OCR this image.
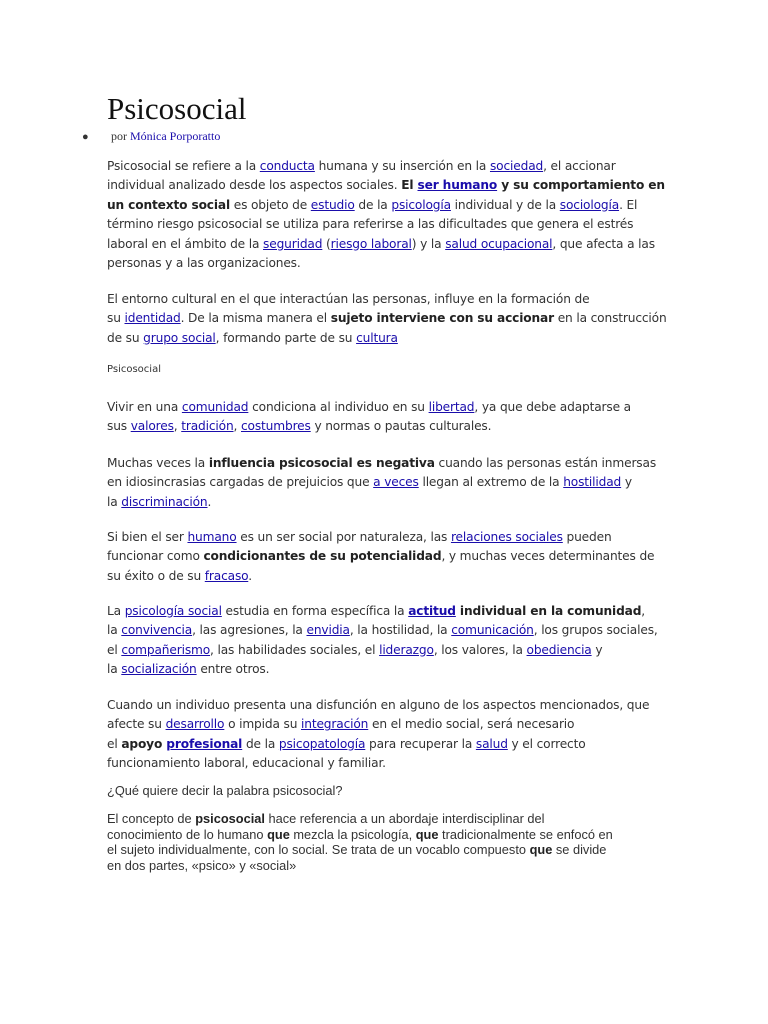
Psicosocial
● por Mónica Porporatto

Psicosocial

¿Qué quiere decir la palabra psicosocial?

Psicosocial se refiere a la conducta humana y su inserción en la sociedad, el accionar
individual analizado desde los aspectos sociales. El ser humano y su comportamiento en
un contexto social es objeto de estudio de la psicología individual y de la sociología. El
término riesgo psicosocial se utiliza para referirse a las dificultades que genera el estrés
laboral en el ámbito de la seguridad (riesgo laboral) y la salud ocupacional, que afecta a las
personas y a las organizaciones.

El entorno cultural en el que interactúan las personas, influye en la formación de
su identidad. De la misma manera el sujeto interviene con su accionar en la construcción
de su grupo social, formando parte de su cultura

Vivir en una comunidad condiciona al individuo en su libertad, ya que debe adaptarse a
sus valores, tradición, costumbres y normas o pautas culturales.

Muchas veces la influencia psicosocial es negativa cuando las personas están inmersas
en idiosincrasias cargadas de prejuicios que a veces llegan al extremo de la hostilidad y
la discriminación.

Si bien el ser humano es un ser social por naturaleza, las relaciones sociales pueden
funcionar como condicionantes de su potencialidad, y muchas veces determinantes de
su éxito o de su fracaso.

La psicología social estudia en forma específica la actitud individual en la comunidad,
la convivencia, las agresiones, la envidia, la hostilidad, la comunicación, los grupos sociales,
el compañerismo, las habilidades sociales, el liderazgo, los valores, la obediencia y
la socialización entre otros.

Cuando un individuo presenta una disfunción en alguno de los aspectos mencionados, que
afecte su desarrollo o impida su integración en el medio social, será necesario
el apoyo profesional de la psicopatología para recuperar la salud y el correcto
funcionamiento laboral, educacional y familiar.

El concepto de psicosocial hace referencia a un abordaje interdisciplinar del
conocimiento de lo humano que mezcla la psicología, que tradicionalmente se enfocó en
el sujeto individualmente, con lo social. Se trata de un vocablo compuesto que se divide
en dos partes, «psico» y «social»
